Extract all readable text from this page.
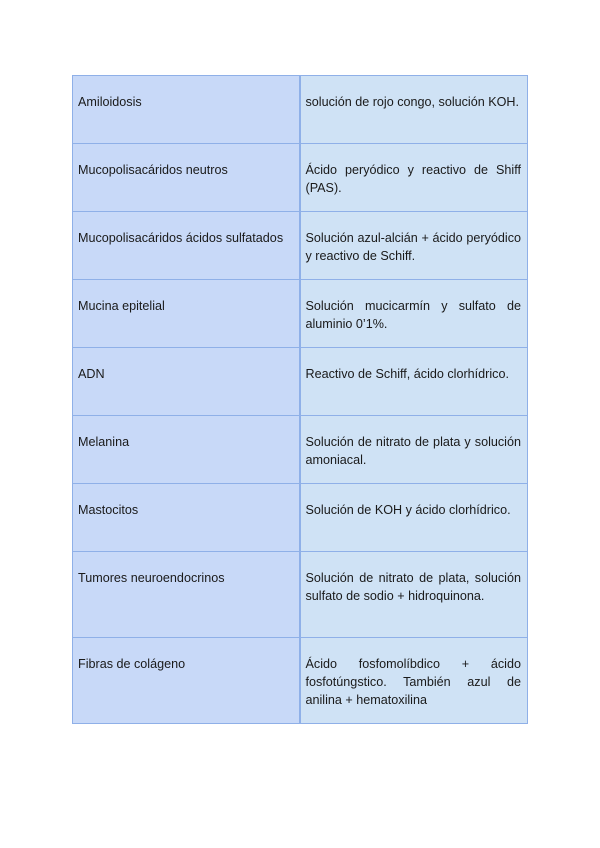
Amiloidosis	solución de rojo congo, solución KOH.
Mucopolisacáridos neutros	Ácido peryódico y reactivo de Shiff (PAS).
Mucopolisacáridos ácidos sulfatados	Solución azul-alcián + ácido peryódico y reactivo de Schiff.
Mucina epitelial	Solución mucicarmín y sulfato de aluminio 0’1%.
ADN	Reactivo de Schiff, ácido clorhídrico.
Melanina	Solución de nitrato de plata y solución amoniacal.
Mastocitos	Solución de KOH y ácido clorhídrico.
Tumores neuroendocrinos	Solución de nitrato de plata, solución sulfato de sodio + hidroquinona.
Fibras de colágeno	Ácido fosfomolíbdico + ácido fosfotúngstico. También azul de anilina + hematoxilina
